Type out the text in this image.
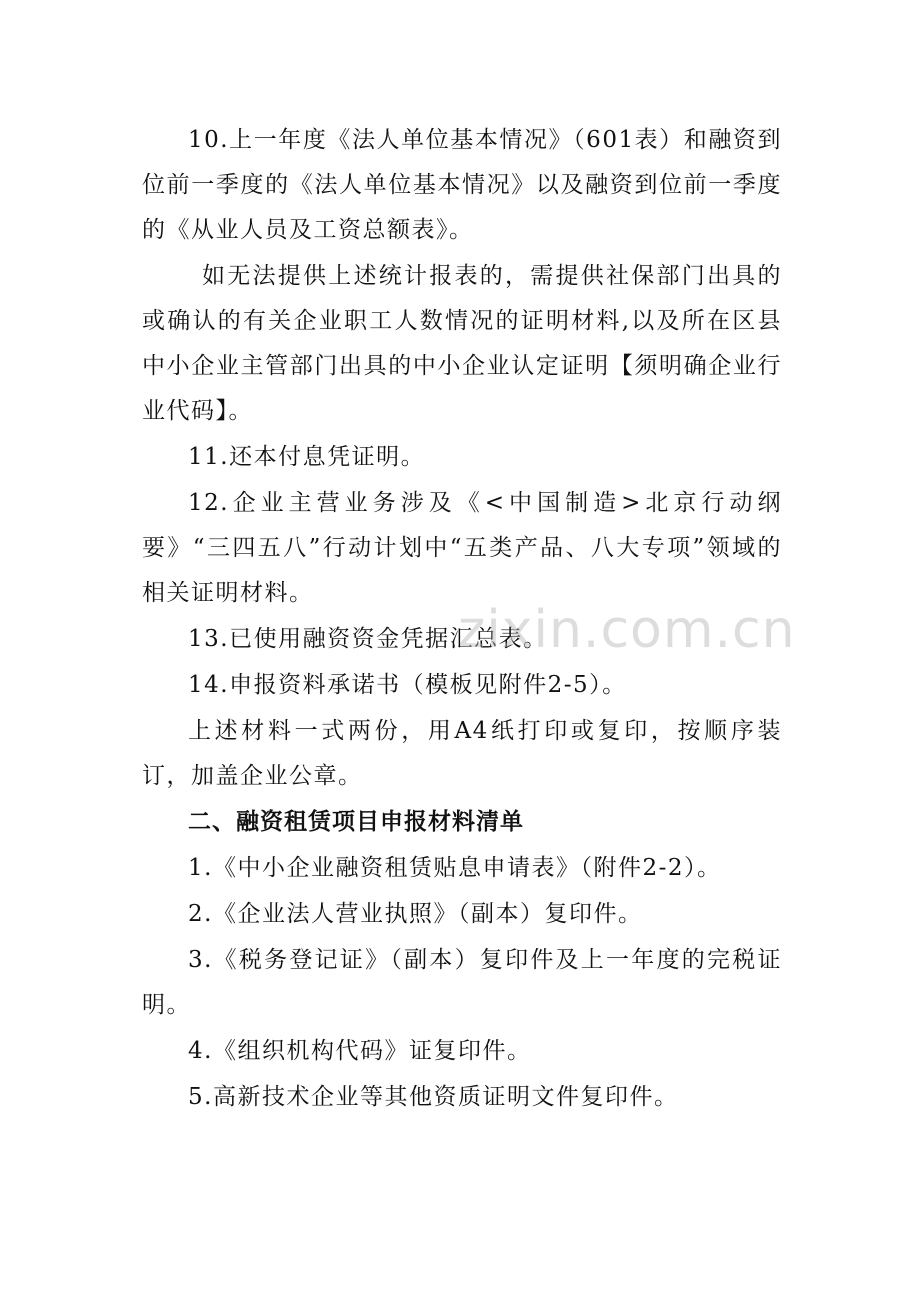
10.上一年度《法人单位基本情况》（601表）和融资到位前一季度的《法人单位基本情况》以及融资到位前一季度的《从业人员及工资总额表》。

如无法提供上述统计报表的，需提供社保部门出具的或确认的有关企业职工人数情况的证明材料,以及所在区县中小企业主管部门出具的中小企业认定证明【须明确企业行业代码】。

11.还本付息凭证明。

12.企业主营业务涉及《<中国制造>北京行动纲要》“三四五八”行动计划中“五类产品、八大专项”领域的相关证明材料。

13.已使用融资资金凭据汇总表。

14.申报资料承诺书（模板见附件2-5）。

上述材料一式两份，用A4纸打印或复印，按顺序装订，加盖企业公章。

二、融资租赁项目申报材料清单

1.《中小企业融资租赁贴息申请表》（附件2-2）。

2.《企业法人营业执照》（副本）复印件。

3.《税务登记证》（副本）复印件及上一年度的完税证明。

4.《组织机构代码》证复印件。

5.高新技术企业等其他资质证明文件复印件。

zixin.com.cn
